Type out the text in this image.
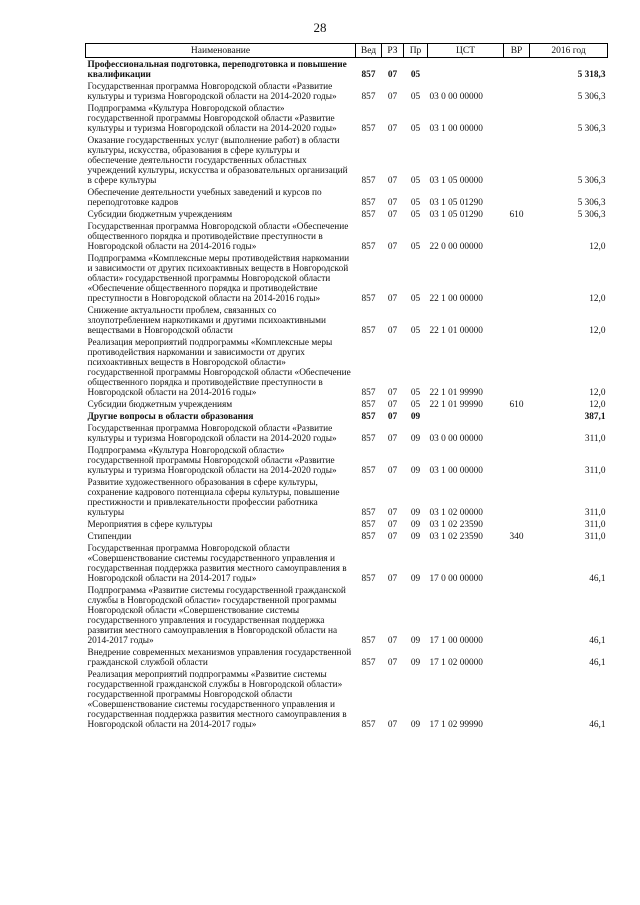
28
Наименование	Вед	РЗ	Пр	ЦСТ	ВР	2016 год

Профессиональная подготовка, переподготовка и повышение квалификации	857	07	05			5 318,3
Государственная программа Новгородской области «Развитие культуры и туризма Новгородской области на 2014-2020 годы»	857	07	05	03 0 00 00000		5 306,3
Подпрограмма «Культура Новгородской области» государственной программы Новгородской области «Развитие культуры и туризма Новгородской области на 2014-2020 годы»	857	07	05	03 1 00 00000		5 306,3
Оказание государственных услуг (выполнение работ) в области культуры, искусства, образования в сфере культуры и обеспечение деятельности государственных областных учреждений культуры, искусства и образовательных организаций в сфере культуры	857	07	05	03 1 05 00000		5 306,3
Обеспечение деятельности учебных заведений и курсов по переподготовке кадров	857	07	05	03 1 05 01290		5 306,3
Субсидии бюджетным учреждениям	857	07	05	03 1 05 01290	610	5 306,3
Государственная программа Новгородской области «Обеспечение общественного порядка и противодействие преступности в Новгородской области на 2014-2016 годы»	857	07	05	22 0 00 00000		12,0
Подпрограмма «Комплексные меры противодействия наркомании и зависимости от других психоактивных веществ в Новгородской области» государственной программы Новгородской области «Обеспечение общественного порядка и противодействие преступности в Новгородской области на 2014-2016 годы»	857	07	05	22 1 00 00000		12,0
Снижение актуальности проблем, связанных со злоупотреблением наркотиками и другими психоактивными веществами в Новгородской области	857	07	05	22 1 01 00000		12,0
Реализация мероприятий подпрограммы «Комплексные меры противодействия наркомании и зависимости от других психоактивных веществ в Новгородской области» государственной программы Новгородской области «Обеспечение общественного порядка и противодействие преступности в Новгородской области на 2014-2016 годы»	857	07	05	22 1 01 99990		12,0
Субсидии бюджетным учреждениям	857	07	05	22 1 01 99990	610	12,0
Другие вопросы в области образования	857	07	09			387,1
Государственная программа Новгородской области «Развитие культуры и туризма Новгородской области на 2014-2020 годы»	857	07	09	03 0 00 00000		311,0
Подпрограмма «Культура Новгородской области» государственной программы Новгородской области «Развитие культуры и туризма Новгородской области на 2014-2020 годы»	857	07	09	03 1 00 00000		311,0
Развитие художественного образования в сфере культуры, сохранение кадрового потенциала сферы культуры, повышение престижности и привлекательности профессии работника культуры	857	07	09	03 1 02 00000		311,0
Мероприятия в сфере культуры	857	07	09	03 1 02 23590		311,0
Стипендии	857	07	09	03 1 02 23590	340	311,0
Государственная программа Новгородской области «Совершенствование системы государственного управления и государственная поддержка развития местного самоуправления в Новгородской области на 2014-2017 годы»	857	07	09	17 0 00 00000		46,1
Подпрограмма «Развитие системы государственной гражданской службы в Новгородской области» государственной программы Новгородской области «Совершенствование системы государственного управления и государственная поддержка развития местного самоуправления в Новгородской области на 2014-2017 годы»	857	07	09	17 1 00 00000		46,1
Внедрение современных механизмов управления государственной гражданской службой области	857	07	09	17 1 02 00000		46,1
Реализация мероприятий подпрограммы «Развитие системы государственной гражданской службы в Новгородской области» государственной программы Новгородской области «Совершенствование системы государственного управления и государственная поддержка развития местного самоуправления в Новгородской области на 2014-2017 годы»	857	07	09	17 1 02 99990		46,1
